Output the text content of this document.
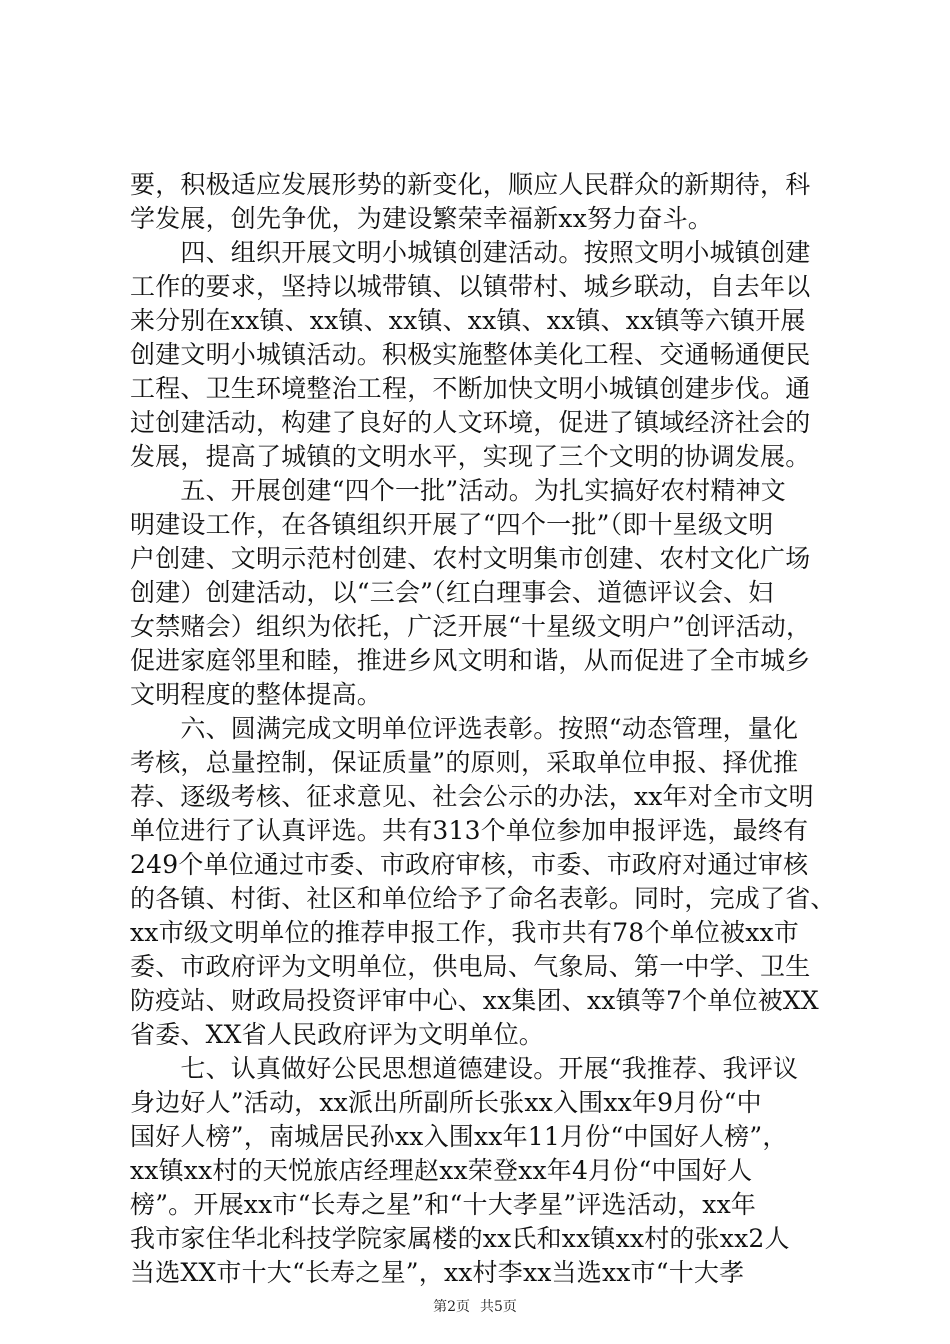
要，积极适应发展形势的新变化，顺应人民群众的新期待，科
学发展，创先争优，为建设繁荣幸福新xx努力奋斗。
　　四、组织开展文明小城镇创建活动。按照文明小城镇创建
工作的要求，坚持以城带镇、以镇带村、城乡联动，自去年以
来分别在xx镇、xx镇、xx镇、xx镇、xx镇、xx镇等六镇开展
创建文明小城镇活动。积极实施整体美化工程、交通畅通便民
工程、卫生环境整治工程，不断加快文明小城镇创建步伐。通
过创建活动，构建了良好的人文环境，促进了镇域经济社会的
发展，提高了城镇的文明水平，实现了三个文明的协调发展。
　　五、开展创建“四个一批”活动。为扎实搞好农村精神文
明建设工作，在各镇组织开展了“四个一批”（即十星级文明
户创建、文明示范村创建、农村文明集市创建、农村文化广场
创建）创建活动，以“三会”（红白理事会、道德评议会、妇
女禁赌会）组织为依托，广泛开展“十星级文明户”创评活动，
促进家庭邻里和睦，推进乡风文明和谐，从而促进了全市城乡
文明程度的整体提高。
　　六、圆满完成文明单位评选表彰。按照“动态管理，量化
考核，总量控制，保证质量”的原则，采取单位申报、择优推
荐、逐级考核、征求意见、社会公示的办法，xx年对全市文明
单位进行了认真评选。共有313个单位参加申报评选，最终有
249个单位通过市委、市政府审核，市委、市政府对通过审核
的各镇、村街、社区和单位给予了命名表彰。同时，完成了省、
xx市级文明单位的推荐申报工作，我市共有78个单位被xx市
委、市政府评为文明单位，供电局、气象局、第一中学、卫生
防疫站、财政局投资评审中心、xx集团、xx镇等7个单位被XX
省委、XX省人民政府评为文明单位。
　　七、认真做好公民思想道德建设。开展“我推荐、我评议
身边好人”活动，xx派出所副所长张xx入围xx年9月份“中
国好人榜”，南城居民孙xx入围xx年11月份“中国好人榜”，
xx镇xx村的天悦旅店经理赵xx荣登xx年4月份“中国好人
榜”。开展xx市“长寿之星”和“十大孝星”评选活动，xx年
我市家住华北科技学院家属楼的xx氏和xx镇xx村的张xx2人
当选XX市十大“长寿之星”，xx村李xx当选xx市“十大孝
第2页 共5页
